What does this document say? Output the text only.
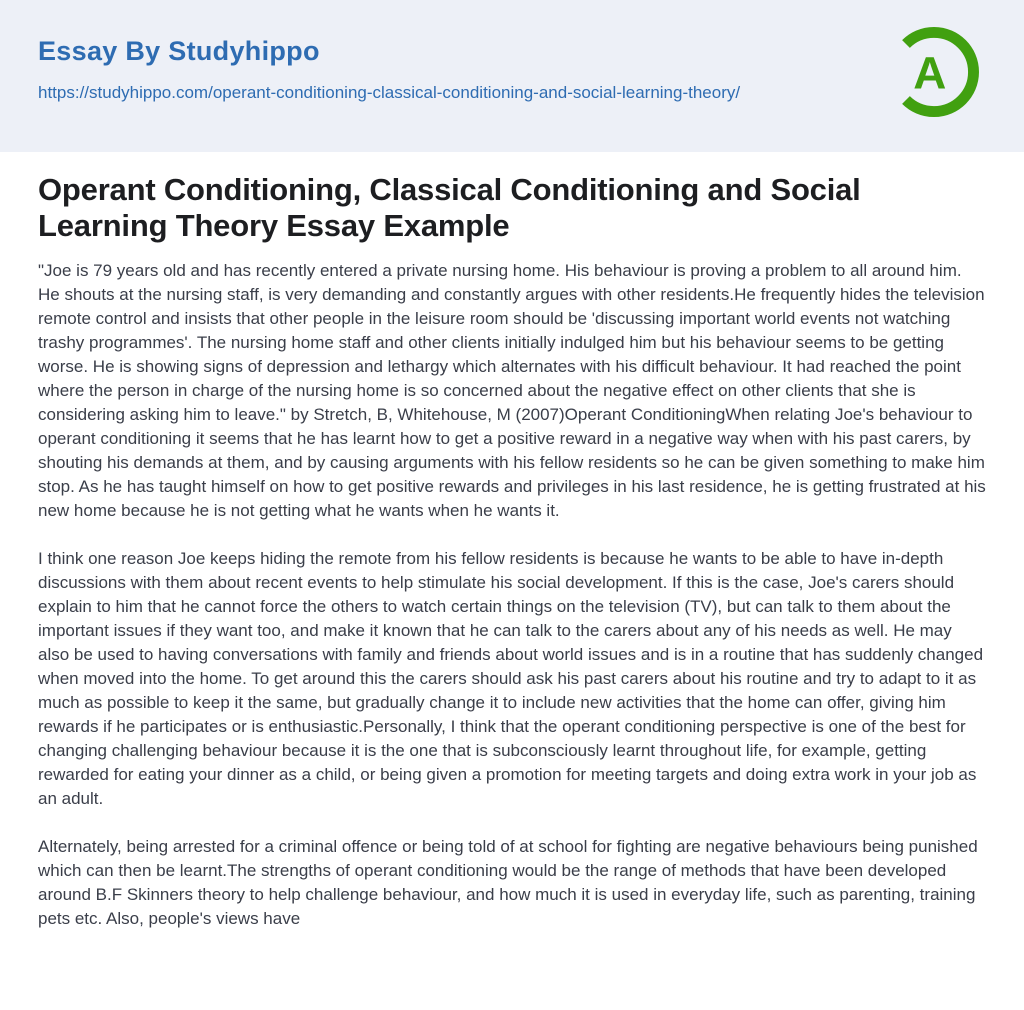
Essay By Studyhippo
https://studyhippo.com/operant-conditioning-classical-conditioning-and-social-learning-theory/	A
Operant Conditioning, Classical Conditioning and Social Learning Theory Essay Example

"Joe is 79 years old and has recently entered a private nursing home. His behaviour is proving a problem to all around him. He shouts at the nursing staff, is very demanding and constantly argues with other residents.He frequently hides the television remote control and insists that other people in the leisure room should be 'discussing important world events not watching trashy programmes'. The nursing home staff and other clients initially indulged him but his behaviour seems to be getting worse. He is showing signs of depression and lethargy which alternates with his difficult behaviour. It had reached the point where the person in charge of the nursing home is so concerned about the negative effect on other clients that she is considering asking him to leave." by Stretch, B, Whitehouse, M (2007)Operant ConditioningWhen relating Joe's behaviour to operant conditioning it seems that he has learnt how to get a positive reward in a negative way when with his past carers, by shouting his demands at them, and by causing arguments with his fellow residents so he can be given something to make him stop. As he has taught himself on how to get positive rewards and privileges in his last residence, he is getting frustrated at his new home because he is not getting what he wants when he wants it.

I think one reason Joe keeps hiding the remote from his fellow residents is because he wants to be able to have in-depth discussions with them about recent events to help stimulate his social development. If this is the case, Joe's carers should explain to him that he cannot force the others to watch certain things on the television (TV), but can talk to them about the important issues if they want too, and make it known that he can talk to the carers about any of his needs as well. He may also be used to having conversations with family and friends about world issues and is in a routine that has suddenly changed when moved into the home. To get around this the carers should ask his past carers about his routine and try to adapt to it as much as possible to keep it the same, but gradually change it to include new activities that the home can offer, giving him rewards if he participates or is enthusiastic.Personally, I think that the operant conditioning perspective is one of the best for changing challenging behaviour because it is the one that is subconsciously learnt throughout life, for example, getting rewarded for eating your dinner as a child, or being given a promotion for meeting targets and doing extra work in your job as an adult.

Alternately, being arrested for a criminal offence or being told of at school for fighting are negative behaviours being punished which can then be learnt.The strengths of operant conditioning would be the range of methods that have been developed around B.F Skinners theory to help challenge behaviour, and how much it is used in everyday life, such as parenting, training pets etc. Also, people's views have
